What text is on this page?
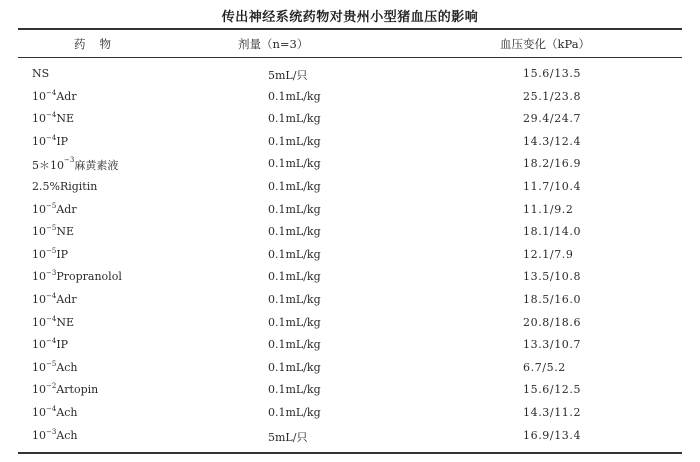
传出神经系统药物对贵州小型猪血压的影响
药物	剂量（n=3）	血压变化（kPa）
NS	5mL/只	15.6/13.5
$10^{-4}Adr$	0.1mL/kg	25.1/23.8
$10^{-4}NE$	0.1mL/kg	29.4/24.7
$10^{-4}IP$	0.1mL/kg	14.3/12.4
$5*10^{-3}$麻黄素液	0.1mL/kg	18.2/16.9
2.5%Rigitin	0.1mL/kg	11.7/10.4
$10^{-5}Adr$	0.1mL/kg	11.1/9.2
$10^{-5}NE$	0.1mL/kg	18.1/14.0
$10^{-5}IP$	0.1mL/kg	12.1/7.9
$10^{-3}Propranolol$	0.1mL/kg	13.5/10.8
$10^{-4}Adr$	0.1mL/kg	18.5/16.0
$10^{-4}NE$	0.1mL/kg	20.8/18.6
$10^{-4}IP$	0.1mL/kg	13.3/10.7
$10^{-5}Ach$	0.1mL/kg	6.7/5.2
$10^{-2}Artopin$	0.1mL/kg	15.6/12.5
$10^{-4}Ach$	0.1mL/kg	14.3/11.2
$10^{-3}Ach$	5mL/只	16.9/13.4
